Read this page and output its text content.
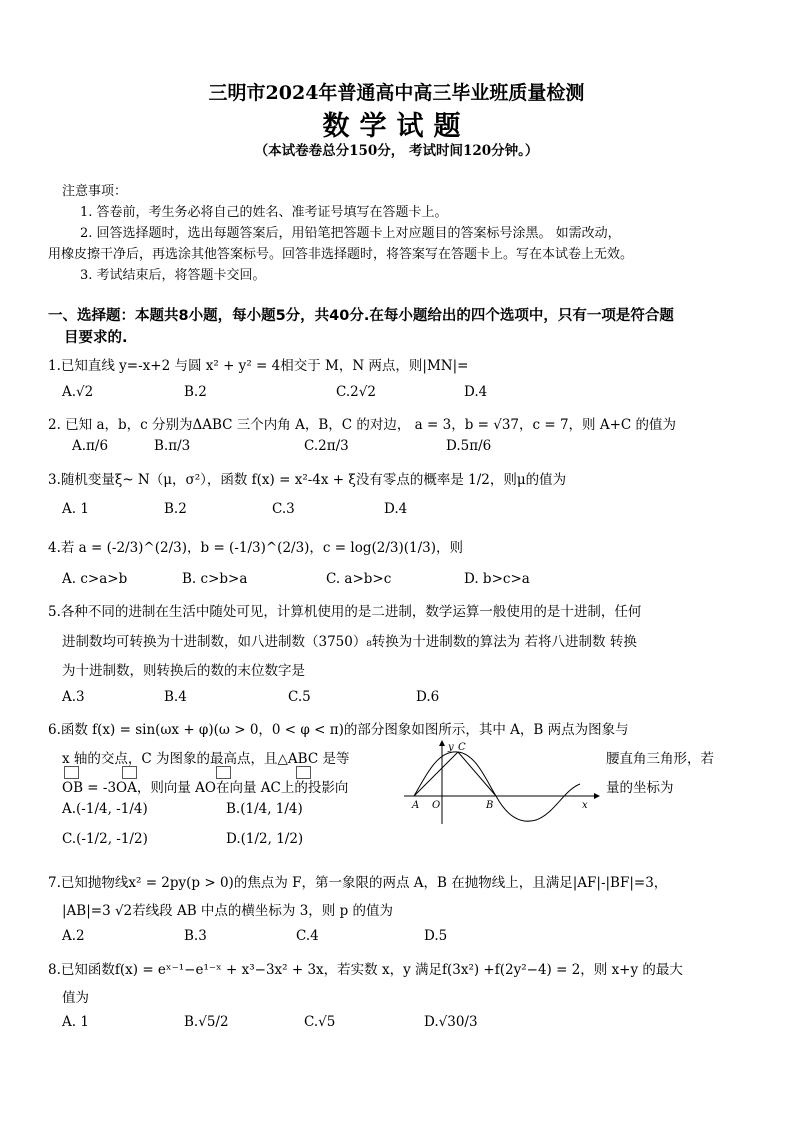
三明市2024年普通高中高三毕业班质量检测
数学试题
（本试卷卷总分150分， 考试时间120分钟。）
注意事项：
1. 答卷前，考生务必将自己的姓名、准考证号填写在答题卡上。
2. 回答选择题时，选出每题答案后，用铅笔把答题卡上对应题目的答案标号涂黑。 如需改动，
用橡皮擦干净后，再选涂其他答案标号。回答非选择题时，将答案写在答题卡上。写在本试卷上无效。
3. 考试结束后，将答题卡交回。
一、选择题：本题共8小题，每小题5分，共40分.在每小题给出的四个选项中，只有一项是符合题
目要求的.
1.已知直线 y=-x+2 与圆 x² + y² = 4相交于 M，N 两点，则|MN|=
A.√2	B.2	C.2√2	D.4
2. 已知 a，b，c 分别为ΔABC 三个内角 A，B，C 的对边， a = 3，b = √37，c = 7，则 A+C 的值为
A.π/6	B.π/3	C.2π/3	D.5π/6
3.随机变量ξ~ N（μ，σ²），函数 f(x) = x²-4x + ξ没有零点的概率是 1/2，则μ的值为
A. 1	B.2	C.3	D.4
4.若 a = (-2/3)^(2/3)，b = (-1/3)^(2/3)，c = log(2/3)(1/3)，则
A. c>a>b	B. c>b>a	C. a>b>c	D. b>c>a
5.各种不同的进制在生活中随处可见，计算机使用的是二进制，数学运算一般使用的是十进制，任何
进制数均可转换为十进制数，如八进制数（3750）₈转换为十进制数的算法为 若将八进制数 转换
为十进制数，则转换后的数的末位数字是
A.3	B.4	C.5	D.6
6.函数 f(x) = sin(ωx + φ)(ω > 0，0 < φ < π)的部分图象如图所示，其中 A，B 两点为图象与
x 轴的交点，C 为图象的最高点，且△ABC 是等	腰直角三角形，若
OB = -3OA，则向量 AO在向量 AC上的投影向	量的坐标为
A.(-1/4, -1/4)	B.(1/4, 1/4)
C.(-1/2, -1/2)	D.(1/2, 1/2)
y C
A O	B	x
7.已知抛物线x² = 2py(p > 0)的焦点为 F，第一象限的两点 A，B 在抛物线上，且满足|AF|-|BF|=3，
|AB|=3 √2若线段 AB 中点的横坐标为 3，则 p 的值为
A.2	B.3	C.4	D.5
8.已知函数f(x) = eˣ⁻¹−e¹⁻ˣ + x³−3x² + 3x，若实数 x，y 满足f(3x²) +f(2y²−4) = 2，则 x+y 的最大
值为
A. 1	B.√5/2	C.√5	D.√30/3
